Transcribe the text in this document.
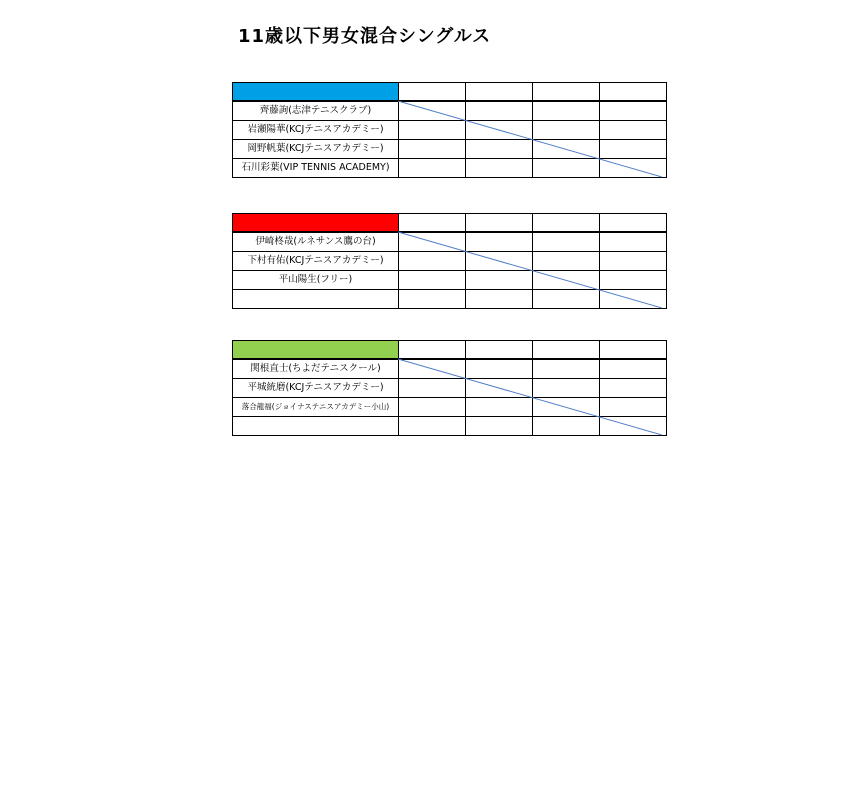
11歳以下男女混合シングルス

齊藤詢(志津テニスクラブ)				
岩瀬陽華(KCJテニスアカデミー)				
岡野帆葉(KCJテニスアカデミー)				
石川彩葉(VIP TENNIS ACADEMY)				

伊崎柊哉(ルネサンス鷹の台)				
下村有佑(KCJテニスアカデミー)				
平山陽生(フリー)				

関根直士(ちよだテニスクール)				
平城統磨(KCJテニスアカデミー)				
落合龍福(ジョイナステニスアカデミー小山)				
